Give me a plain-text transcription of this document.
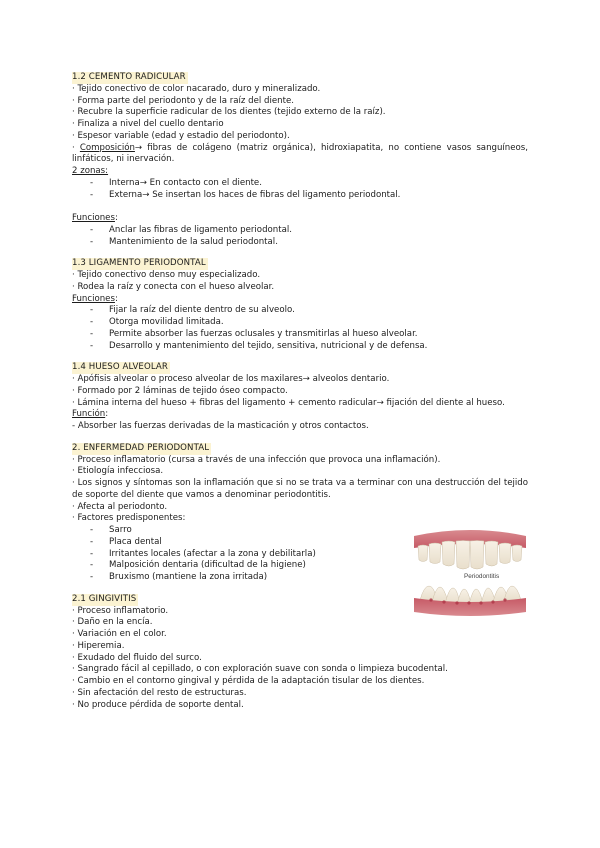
1.2 CEMENTO RADICULAR
· Tejido conectivo de color nacarado, duro y mineralizado.
· Forma parte del periodonto y de la raíz del diente.
· Recubre la superficie radicular de los dientes (tejido externo de la raíz).
· Finaliza a nivel del cuello dentario
· Espesor variable (edad y estadio del periodonto).
· Composición→ fibras de colágeno (matriz orgánica), hidroxiapatita, no contiene vasos sanguíneos, linfáticos, ni inervación.
2 zonas:
- Interna→ En contacto con el diente.
- Externa→ Se insertan los haces de fibras del ligamento periodontal.
Funciones:
- Anclar las fibras de ligamento periodontal.
- Mantenimiento de la salud periodontal.
1.3 LIGAMENTO PERIODONTAL
· Tejido conectivo denso muy especializado.
· Rodea la raíz y conecta con el hueso alveolar.
Funciones:
- Fijar la raíz del diente dentro de su alveolo.
- Otorga movilidad limitada.
- Permite absorber las fuerzas oclusales y transmitirlas al hueso alveolar.
- Desarrollo y mantenimiento del tejido, sensitiva, nutricional y de defensa.
1.4 HUESO ALVEOLAR
· Apófisis alveolar o proceso alveolar de los maxilares→ alveolos dentario.
· Formado por 2 láminas de tejido óseo compacto.
· Lámina interna del hueso + fibras del ligamento + cemento radicular→ fijación del diente al hueso.
Función:
- Absorber las fuerzas derivadas de la masticación y otros contactos.
2. ENFERMEDAD PERIODONTAL
· Proceso inflamatorio (cursa a través de una infección que provoca una inflamación).
· Etiología infecciosa.
· Los signos y síntomas son la inflamación que si no se trata va a terminar con una destrucción del tejido de soporte del diente que vamos a denominar periodontitis.
· Afecta al periodonto.
· Factores predisponentes:
- Sarro
- Placa dental
- Irritantes locales (afectar a la zona y debilitarla)
- Malposición dentaria (dificultad de la higiene)
- Bruxismo (mantiene la zona irritada)	Periodontitis
2.1 GINGIVITIS
· Proceso inflamatorio.
· Daño en la encía.
· Variación en el color.
· Hiperemia.
· Exudado del fluido del surco.
· Sangrado fácil al cepillado, o con exploración suave con sonda o limpieza bucodental.
· Cambio en el contorno gingival y pérdida de la adaptación tisular de los dientes.
· Sin afectación del resto de estructuras.
· No produce pérdida de soporte dental.
